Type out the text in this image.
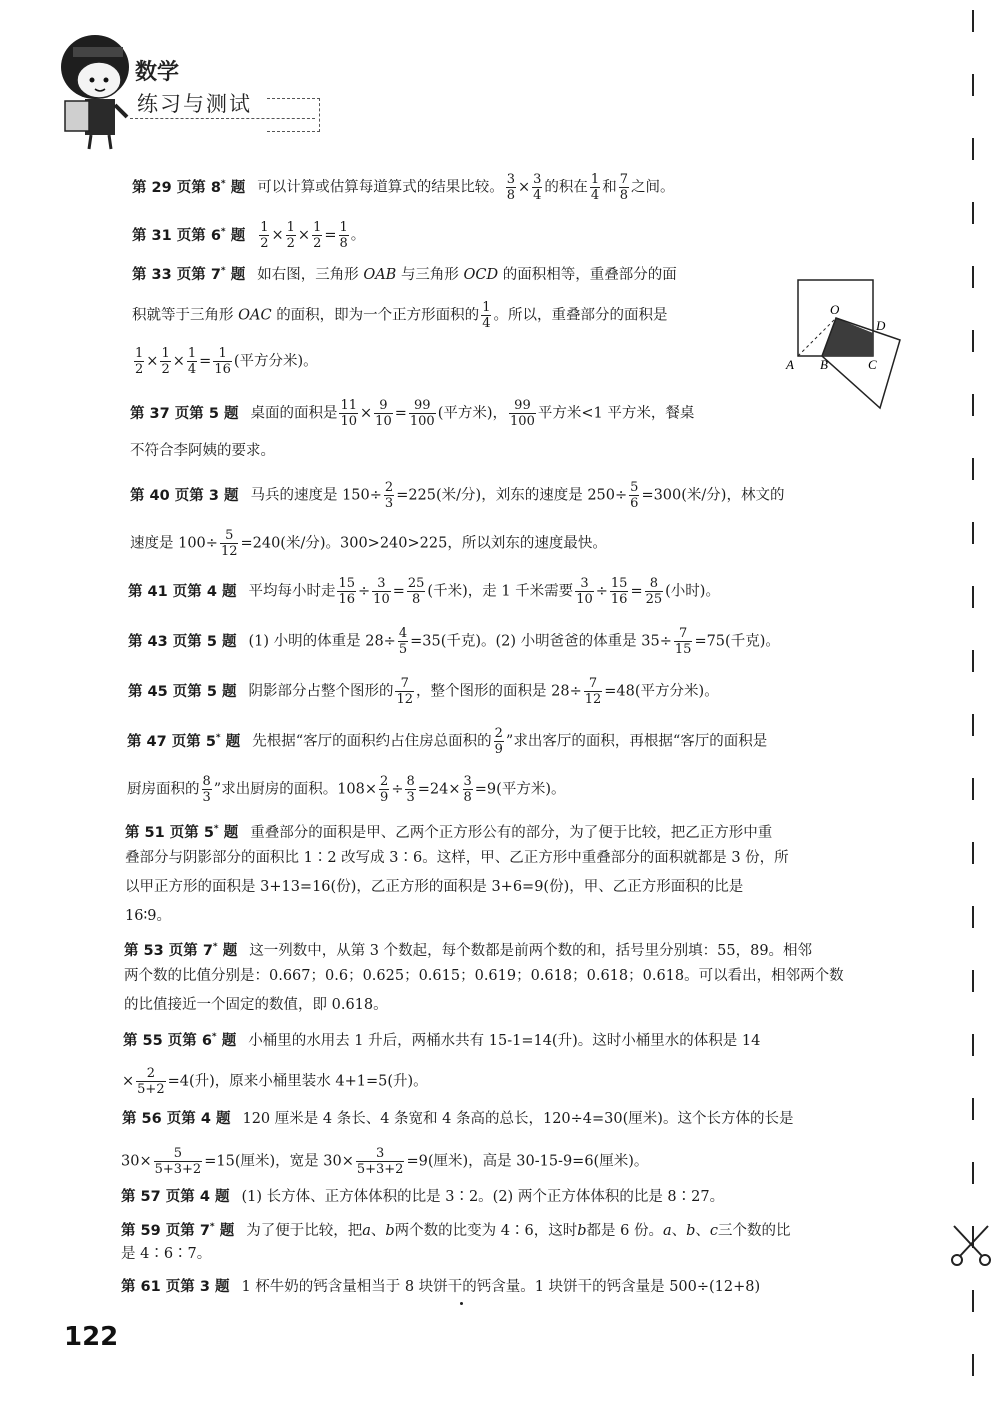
数学
练习与测试
第 29 页第 8* 题 可以计算或估算每道算式的结果比较。 $\frac{3}{8} \times \frac{3}{4}$ 的积在 $\frac{1}{4}$ 和 $\frac{7}{8}$ 之间。
第 31 页第 6* 题 $\frac{1}{2} \times \frac{1}{2} \times \frac{1}{2} = \frac{1}{8}$ 。
第 33 页第 7* 题 如右图，三角形 OAB 与三角形 OCD 的面积相等，重叠部分的面
积就等于三角形 OAC 的面积，即为一个正方形面积的 $\frac{1}{4}$ 。所以，重叠部分的面积是
$\frac{1}{2} \times \frac{1}{2} \times \frac{1}{4} = \frac{1}{16}$ (平方分米)。
第 37 页第 5 题 桌面的面积是 $\frac{11}{10} \times \frac{9}{10} = \frac{99}{100}$ (平方米)， $\frac{99}{100}$ 平方米<1 平方米，餐桌
不符合李阿姨的要求。
第 40 页第 3 题 马兵的速度是 $150\div \frac{2}{3} =225$(米/分)，刘东的速度是 $250\div \frac{5}{6} =300$(米/分)，林文的
速度是 $100\div \frac{5}{12} =240$(米/分)。300>240>225，所以刘东的速度最快。
第 41 页第 4 题 平均每小时走 $\frac{15}{16} \div \frac{3}{10} = \frac{25}{8}$ (千米)，走 1 千米需要 $\frac{3}{10} \div \frac{15}{16} = \frac{8}{25}$ (小时)。
第 43 页第 5 题 (1) 小明的体重是 $28\div \frac{4}{5} =35$(千克)。(2) 小明爸爸的体重是 $35\div \frac{7}{15} =75$(千克)。
第 45 页第 5 题 阴影部分占整个图形的 $\frac{7}{12}$ ，整个图形的面积是 $28\div \frac{7}{12} =48$(平方分米)。
第 47 页第 5* 题 先根据“客厅的面积约占住房总面积的 $\frac{2}{9}$ ”求出客厅的面积，再根据“客厅的面积是
厨房面积的 $\frac{8}{3}$ ”求出厨房的面积。$108\times \frac{2}{9} \div \frac{8}{3} =24\times \frac{3}{8} =9$(平方米)。
第 51 页第 5* 题 重叠部分的面积是甲、乙两个正方形公有的部分，为了便于比较，把乙正方形中重
叠部分与阴影部分的面积比 1∶2 改写成 3∶6。这样，甲、乙正方形中重叠部分的面积就都是 3 份，所
以甲正方形的面积是 3+13=16(份)，乙正方形的面积是 3+6=9(份)，甲、乙正方形面积的比是
16∶9。
第 53 页第 7* 题 这一列数中，从第 3 个数起，每个数都是前两个数的和，括号里分别填：55，89。相邻
两个数的比值分别是：0.667；0.6；0.625；0.615；0.619；0.618；0.618；0.618。可以看出，相邻两个数
的比值接近一个固定的数值，即 0.618。
第 55 页第 6* 题 小桶里的水用去 1 升后，两桶水共有 15-1=14(升)。这时小桶里水的体积是 14
× $\frac{2}{5+2} =4$(升)，原来小桶里装水 4+1=5(升)。
第 56 页第 4 题 120 厘米是 4 条长、4 条宽和 4 条高的总长，120÷4=30(厘米)。这个长方体的长是
$30\times \frac{5}{5+3+2} =15$(厘米)，宽是 $30\times \frac{3}{5+3+2} =9$(厘米)，高是 30-15-9=6(厘米)。
第 57 页第 4 题 (1) 长方体、正方体体积的比是 3∶2。(2) 两个正方体体积的比是 8∶27。
第 59 页第 7* 题 为了便于比较，把a、b两个数的比变为 4∶6，这时b都是 6 份。a、b、c三个数的比
是 4∶6∶7。
第 61 页第 3 题 1 杯牛奶的钙含量相当于 8 块饼干的钙含量。1 块饼干的钙含量是 500÷(12+8)
O
D
A B	C
122
